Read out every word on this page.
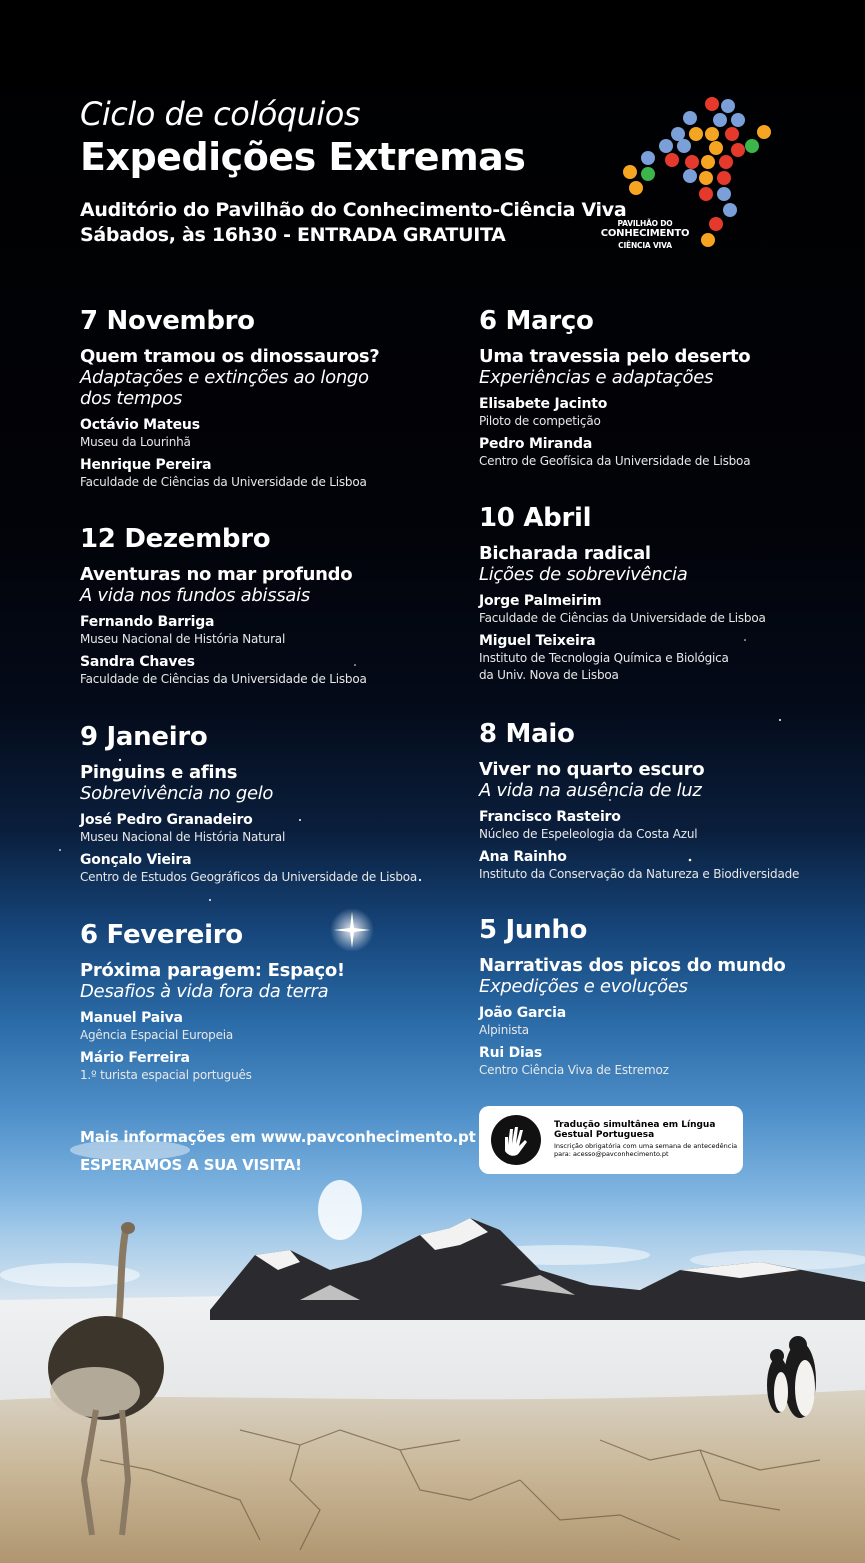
Ciclo de colóquios
Expedições Extremas
Auditório do Pavilhão do Conhecimento-Ciência Viva
Sábados, às 16h30 - ENTRADA GRATUITA
PAVILHÃO DO
CONHECIMENTO
CIÊNCIA VIVA
7 Novembro
Quem tramou os dinossauros?
Adaptações e extinções ao longo dos tempos
Octávio Mateus
Museu da Lourinhã
Henrique Pereira
Faculdade de Ciências da Universidade de Lisboa
12 Dezembro
Aventuras no mar profundo
A vida nos fundos abissais
Fernando Barriga
Museu Nacional de História Natural
Sandra Chaves
Faculdade de Ciências da Universidade de Lisboa
9 Janeiro
Pinguins e afins
Sobrevivência no gelo
José Pedro Granadeiro
Museu Nacional de História Natural
Gonçalo Vieira
Centro de Estudos Geográficos da Universidade de Lisboa
6 Fevereiro
Próxima paragem: Espaço!
Desafios à vida fora da terra
Manuel Paiva
Agência Espacial Europeia
Mário Ferreira
1.º turista espacial português
6 Março
Uma travessia pelo deserto
Experiências e adaptações
Elisabete Jacinto
Piloto de competição
Pedro Miranda
Centro de Geofísica da Universidade de Lisboa
10 Abril
Bicharada radical
Lições de sobrevivência
Jorge Palmeirim
Faculdade de Ciências da Universidade de Lisboa
Miguel Teixeira
Instituto de Tecnologia Química e Biológica
da Univ. Nova de Lisboa
8 Maio
Viver no quarto escuro
A vida na ausência de luz
Francisco Rasteiro
Núcleo de Espeleologia da Costa Azul
Ana Rainho
Instituto da Conservação da Natureza e Biodiversidade
5 Junho
Narrativas dos picos do mundo
Expedições e evoluções
João Garcia
Alpinista
Rui Dias
Centro Ciência Viva de Estremoz
Mais informações em www.pavconhecimento.pt
ESPERAMOS A SUA VISITA!
Tradução simultânea em Língua Gestual Portuguesa
Inscrição obrigatória com uma semana de antecedência para: acesso@pavconhecimento.pt
